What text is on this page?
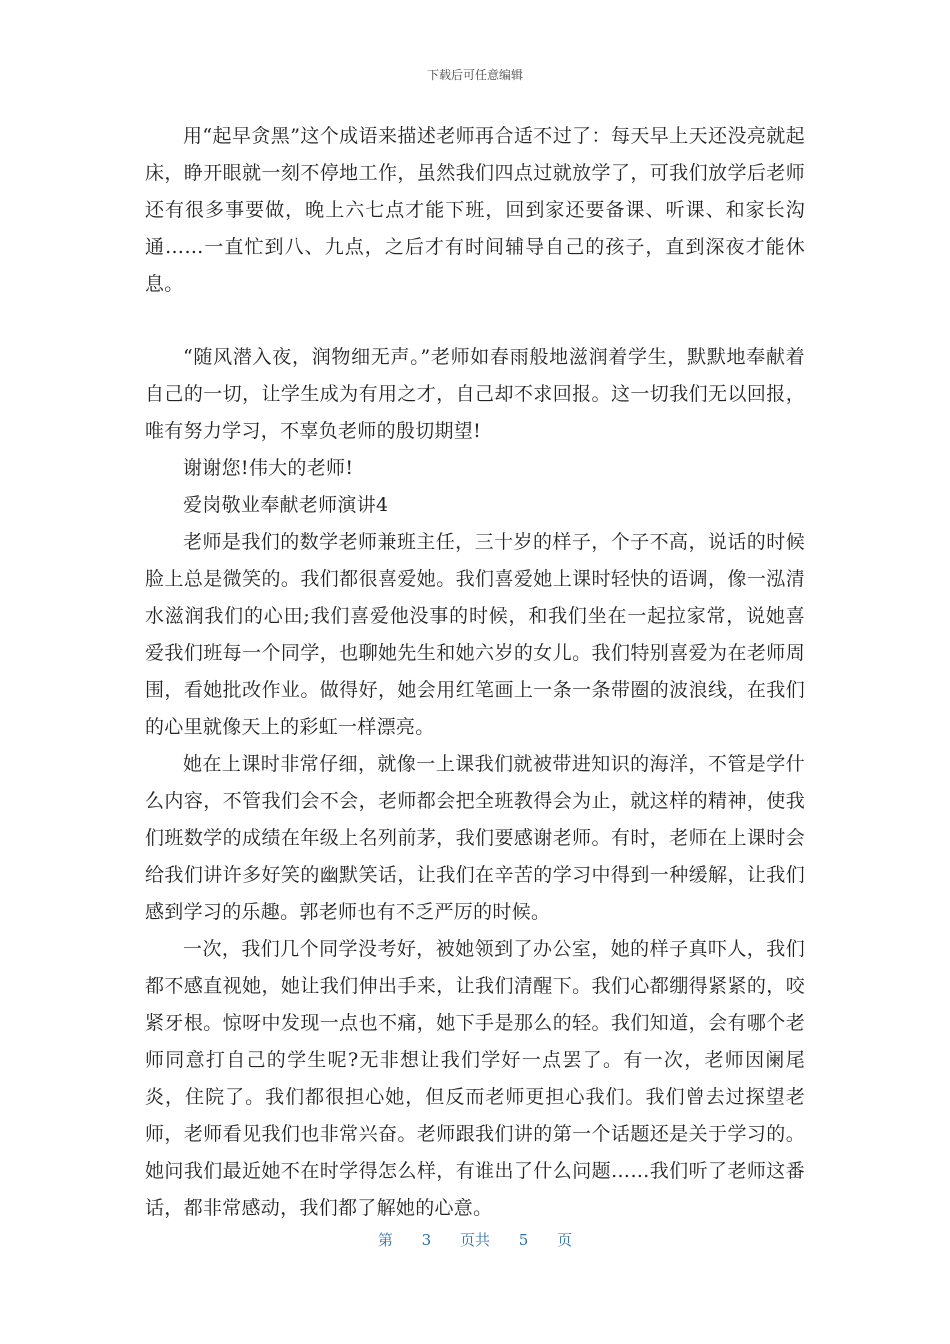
下载后可任意编辑

用“起早贪黑”这个成语来描述老师再合适不过了：每天早上天还没亮就起床，睁开眼就一刻不停地工作，虽然我们四点过就放学了，可我们放学后老师还有很多事要做，晚上六七点才能下班，回到家还要备课、听课、和家长沟通……一直忙到八、九点，之后才有时间辅导自己的孩子，直到深夜才能休息。

“随风潜入夜，润物细无声。”老师如春雨般地滋润着学生，默默地奉献着自己的一切，让学生成为有用之才，自己却不求回报。这一切我们无以回报，唯有努力学习，不辜负老师的殷切期望!

谢谢您!伟大的老师!

爱岗敬业奉献老师演讲4

老师是我们的数学老师兼班主任，三十岁的样子，个子不高，说话的时候脸上总是微笑的。我们都很喜爱她。我们喜爱她上课时轻快的语调，像一泓清水滋润我们的心田;我们喜爱他没事的时候，和我们坐在一起拉家常，说她喜爱我们班每一个同学，也聊她先生和她六岁的女儿。我们特别喜爱为在老师周围，看她批改作业。做得好，她会用红笔画上一条一条带圈的波浪线，在我们的心里就像天上的彩虹一样漂亮。

她在上课时非常仔细，就像一上课我们就被带进知识的海洋，不管是学什么内容，不管我们会不会，老师都会把全班教得会为止，就这样的精神，使我们班数学的成绩在年级上名列前茅，我们要感谢老师。有时，老师在上课时会给我们讲许多好笑的幽默笑话，让我们在辛苦的学习中得到一种缓解，让我们感到学习的乐趣。郭老师也有不乏严厉的时候。

一次，我们几个同学没考好，被她领到了办公室，她的样子真吓人，我们都不感直视她，她让我们伸出手来，让我们清醒下。我们心都绷得紧紧的，咬紧牙根。惊呀中发现一点也不痛，她下手是那么的轻。我们知道，会有哪个老师同意打自己的学生呢?无非想让我们学好一点罢了。有一次，老师因阑尾炎，住院了。我们都很担心她，但反而老师更担心我们。我们曾去过探望老师，老师看见我们也非常兴奋。老师跟我们讲的第一个话题还是关于学习的。她问我们最近她不在时学得怎么样，有谁出了什么问题……我们听了老师这番话，都非常感动，我们都了解她的心意。

第 3 页共 5 页
